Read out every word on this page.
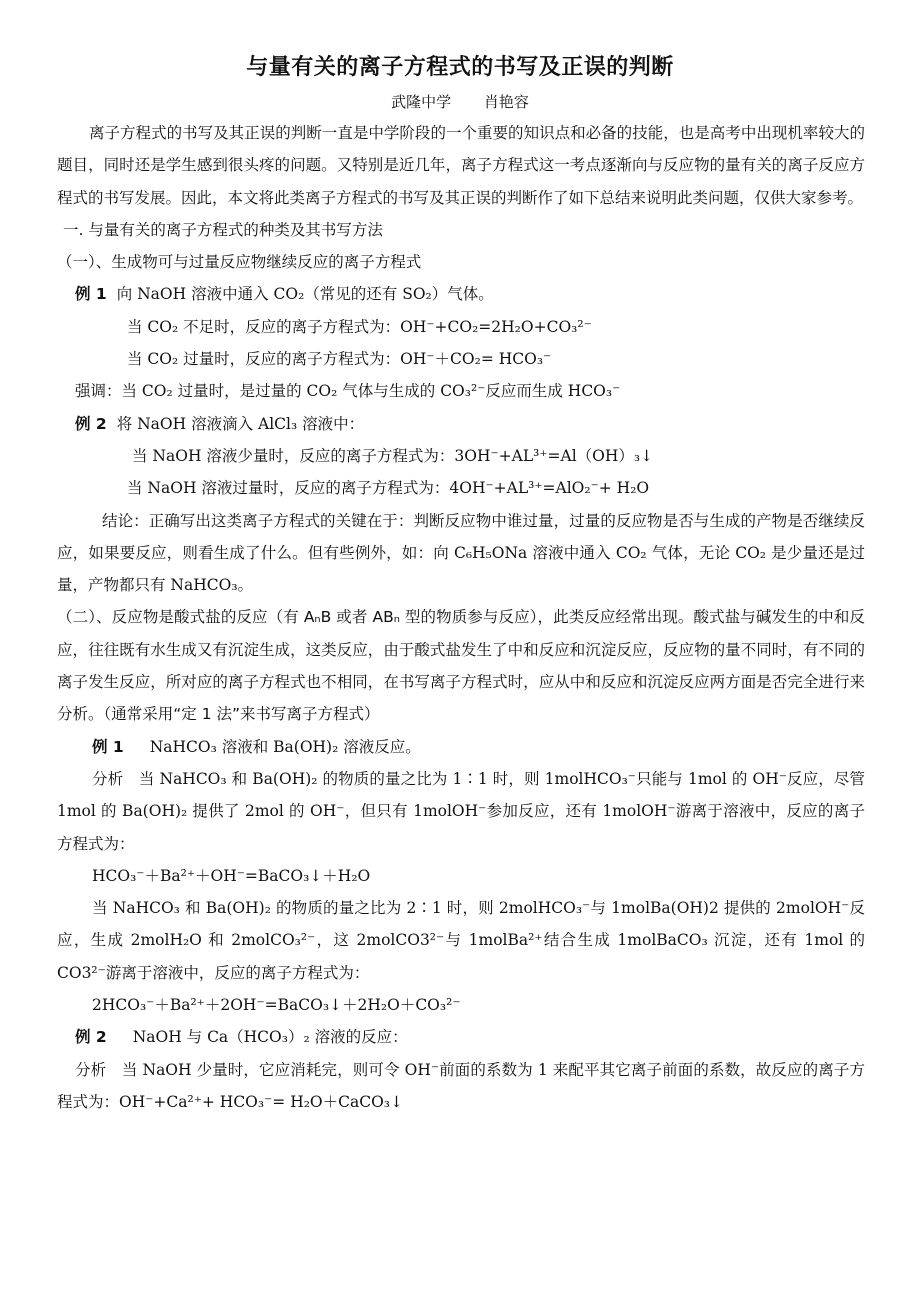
与量有关的离子方程式的书写及正误的判断
武隆中学 肖艳容

离子方程式的书写及其正误的判断一直是中学阶段的一个重要的知识点和必备的技能，也是高考中出现机率较大的题目，同时还是学生感到很头疼的问题。又特别是近几年，离子方程式这一考点逐渐向与反应物的量有关的离子反应方程式的书写发展。因此，本文将此类离子方程式的书写及其正误的判断作了如下总结来说明此类问题，仅供大家参考。

一. 与量有关的离子方程式的种类及其书写方法

（一）、生成物可与过量反应物继续反应的离子方程式

例 1 向 NaOH 溶液中通入 CO₂（常见的还有 SO₂）气体。

当 CO₂ 不足时，反应的离子方程式为：OH⁻+CO₂=2H₂O+CO₃²⁻

当 CO₂ 过量时，反应的离子方程式为：OH⁻＋CO₂= HCO₃⁻

强调：当 CO₂ 过量时，是过量的 CO₂ 气体与生成的 CO₃²⁻反应而生成 HCO₃⁻

例 2 将 NaOH 溶液滴入 AlCl₃ 溶液中：

当 NaOH 溶液少量时，反应的离子方程式为：3OH⁻+AL³⁺=Al（OH）₃↓

当 NaOH 溶液过量时，反应的离子方程式为：4OH⁻+AL³⁺=AlO₂⁻+ H₂O

结论：正确写出这类离子方程式的关键在于：判断反应物中谁过量，过量的反应物是否与生成的产物是否继续反应，如果要反应，则看生成了什么。但有些例外，如：向 C₆H₅ONa 溶液中通入 CO₂ 气体，无论 CO₂ 是少量还是过量，产物都只有 NaHCO₃。

（二）、反应物是酸式盐的反应（有 AₙB 或者 ABₙ 型的物质参与反应），此类反应经常出现。酸式盐与碱发生的中和反应，往往既有水生成又有沉淀生成，这类反应，由于酸式盐发生了中和反应和沉淀反应，反应物的量不同时，有不同的离子发生反应，所对应的离子方程式也不相同，在书写离子方程式时，应从中和反应和沉淀反应两方面是否完全进行来分析。（通常采用“定 1 法”来书写离子方程式）

例 1 NaHCO₃ 溶液和 Ba(OH)₂ 溶液反应。

分析　当 NaHCO₃ 和 Ba(OH)₂ 的物质的量之比为 1∶1 时，则 1molHCO₃⁻只能与 1mol 的 OH⁻反应，尽管 1mol 的 Ba(OH)₂ 提供了 2mol 的 OH⁻，但只有 1molOH⁻参加反应，还有 1molOH⁻游离于溶液中，反应的离子方程式为：

HCO₃⁻＋Ba²⁺＋OH⁻=BaCO₃↓＋H₂O

当 NaHCO₃ 和 Ba(OH)₂ 的物质的量之比为 2∶1 时，则 2molHCO₃⁻与 1molBa(OH)2 提供的 2molOH⁻反应，生成 2molH₂O 和 2molCO₃²⁻，这 2molCO3²⁻与 1molBa²⁺结合生成 1molBaCO₃ 沉淀，还有 1mol 的 CO3²⁻游离于溶液中，反应的离子方程式为：

2HCO₃⁻＋Ba²⁺＋2OH⁻=BaCO₃↓＋2H₂O＋CO₃²⁻

例 2 NaOH 与 Ca（HCO₃）₂ 溶液的反应：

分析　当 NaOH 少量时，它应消耗完，则可令 OH⁻前面的系数为 1 来配平其它离子前面的系数，故反应的离子方程式为：OH⁻+Ca²⁺+ HCO₃⁻= H₂O＋CaCO₃↓
